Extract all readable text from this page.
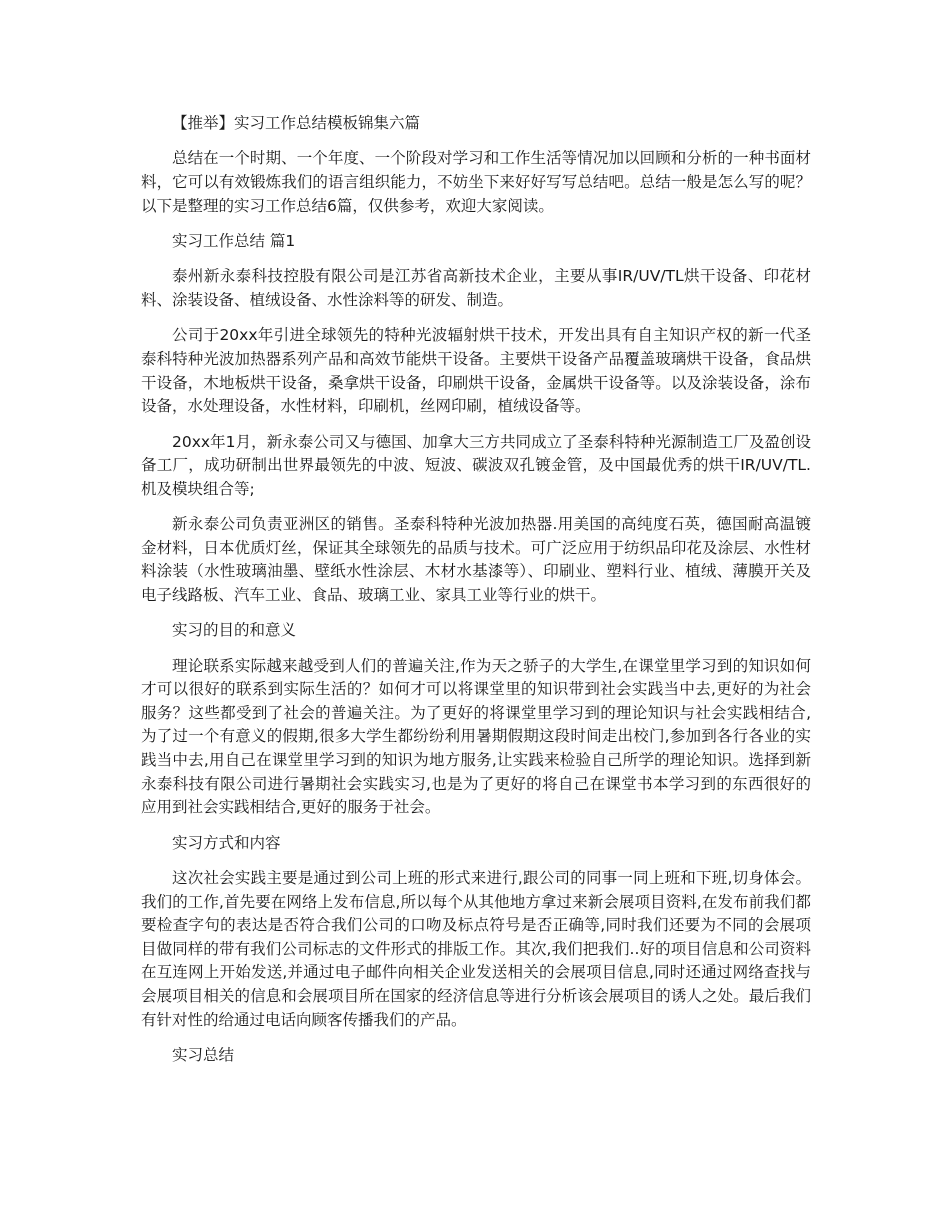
【推举】实习工作总结模板锦集六篇

总结在一个时期、一个年度、一个阶段对学习和工作生活等情况加以回顾和分析的一种书面材料，它可以有效锻炼我们的语言组织能力，不妨坐下来好好写写总结吧。总结一般是怎么写的呢？以下是整理的实习工作总结6篇，仅供参考，欢迎大家阅读。

实习工作总结 篇1

泰州新永泰科技控股有限公司是江苏省高新技术企业，主要从事IR/UV/TL烘干设备、印花材料、涂装设备、植绒设备、水性涂料等的研发、制造。

公司于20xx年引进全球领先的特种光波辐射烘干技术，开发出具有自主知识产权的新一代圣泰科特种光波加热器系列产品和高效节能烘干设备。主要烘干设备产品覆盖玻璃烘干设备，食品烘干设备，木地板烘干设备，桑拿烘干设备，印刷烘干设备，金属烘干设备等。以及涂装设备，涂布设备，水处理设备，水性材料，印刷机，丝网印刷，植绒设备等。

20xx年1月，新永泰公司又与德国、加拿大三方共同成立了圣泰科特种光源制造工厂及盈创设备工厂，成功研制出世界最领先的中波、短波、碳波双孔镀金管，及中国最优秀的烘干IR/UV/TL.机及模块组合等;

新永泰公司负责亚洲区的销售。圣泰科特种光波加热器.用美国的高纯度石英，德国耐高温镀金材料，日本优质灯丝，保证其全球领先的品质与技术。可广泛应用于纺织品印花及涂层、水性材料涂装（水性玻璃油墨、壁纸水性涂层、木材水基漆等）、印刷业、塑料行业、植绒、薄膜开关及电子线路板、汽车工业、食品、玻璃工业、家具工业等行业的烘干。

实习的目的和意义

理论联系实际越来越受到人们的普遍关注,作为天之骄子的大学生,在课堂里学习到的知识如何才可以很好的联系到实际生活的？如何才可以将课堂里的知识带到社会实践当中去,更好的为社会服务？这些都受到了社会的普遍关注。为了更好的将课堂里学习到的理论知识与社会实践相结合,为了过一个有意义的假期,很多大学生都纷纷利用暑期假期这段时间走出校门,参加到各行各业的实践当中去,用自己在课堂里学习到的知识为地方服务,让实践来检验自己所学的理论知识。选择到新永泰科技有限公司进行暑期社会实践实习,也是为了更好的将自己在课堂书本学习到的东西很好的应用到社会实践相结合,更好的服务于社会。

实习方式和内容

这次社会实践主要是通过到公司上班的形式来进行,跟公司的同事一同上班和下班,切身体会。我们的工作,首先要在网络上发布信息,所以每个从其他地方拿过来新会展项目资料,在发布前我们都要检查字句的表达是否符合我们公司的口吻及标点符号是否正确等,同时我们还要为不同的会展项目做同样的带有我们公司标志的文件形式的排版工作。其次,我们把我们..好的项目信息和公司资料在互连网上开始发送,并通过电子邮件向相关企业发送相关的会展项目信息,同时还通过网络查找与会展项目相关的信息和会展项目所在国家的经济信息等进行分析该会展项目的诱人之处。最后我们有针对性的给通过电话向顾客传播我们的产品。

实习总结
